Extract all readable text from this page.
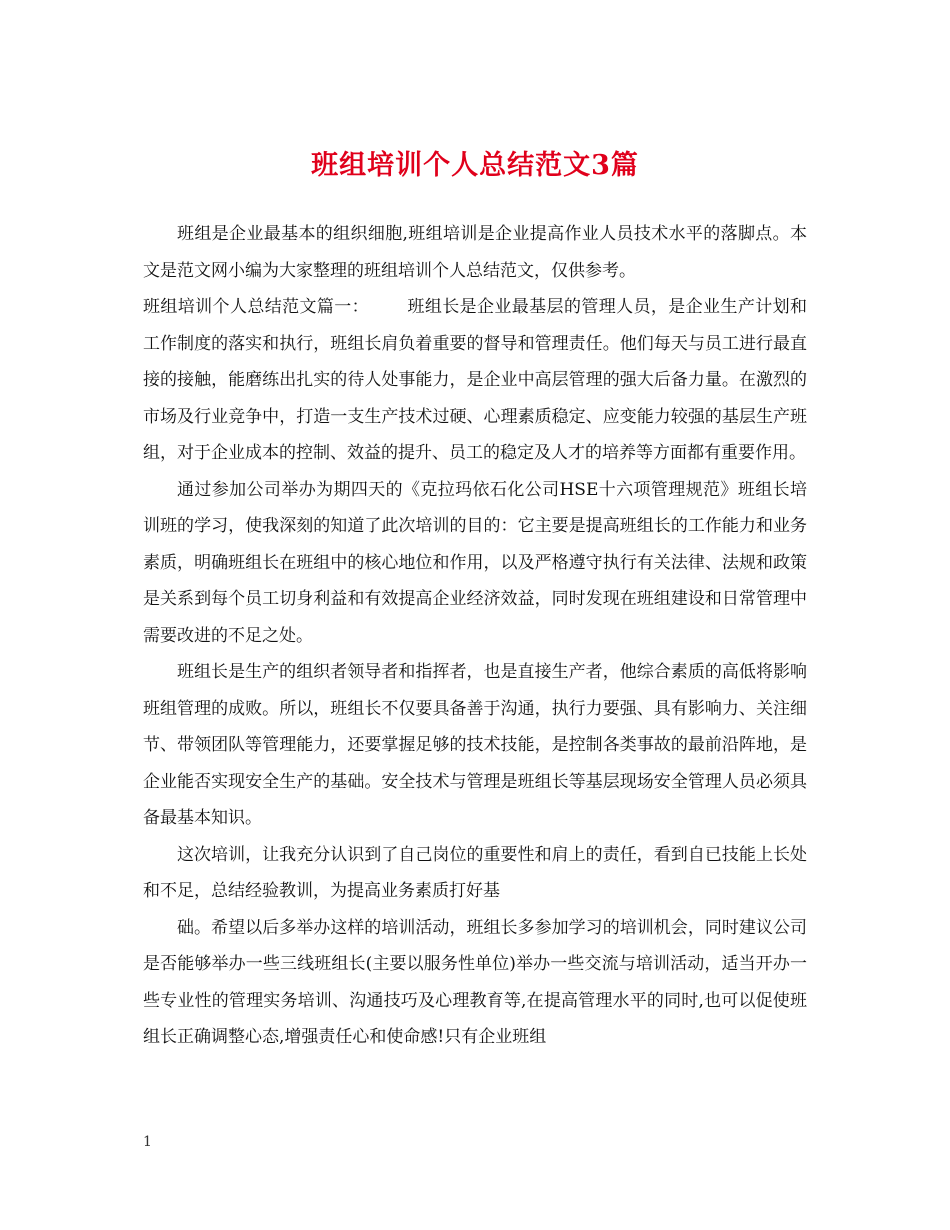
班组培训个人总结范文3篇

班组是企业最基本的组织细胞,班组培训是企业提高作业人员技术水平的落脚点。本文是范文网小编为大家整理的班组培训个人总结范文，仅供参考。

班组培训个人总结范文篇一： 班组长是企业最基层的管理人员，是企业生产计划和工作制度的落实和执行，班组长肩负着重要的督导和管理责任。他们每天与员工进行最直接的接触，能磨练出扎实的待人处事能力，是企业中高层管理的强大后备力量。在激烈的市场及行业竞争中，打造一支生产技术过硬、心理素质稳定、应变能力较强的基层生产班组，对于企业成本的控制、效益的提升、员工的稳定及人才的培养等方面都有重要作用。

通过参加公司举办为期四天的《克拉玛依石化公司HSE十六项管理规范》班组长培训班的学习，使我深刻的知道了此次培训的目的：它主要是提高班组长的工作能力和业务素质，明确班组长在班组中的核心地位和作用，以及严格遵守执行有关法律、法规和政策是关系到每个员工切身利益和有效提高企业经济效益，同时发现在班组建设和日常管理中需要改进的不足之处。

班组长是生产的组织者领导者和指挥者，也是直接生产者，他综合素质的高低将影响班组管理的成败。所以，班组长不仅要具备善于沟通，执行力要强、具有影响力、关注细节、带领团队等管理能力，还要掌握足够的技术技能，是控制各类事故的最前沿阵地，是企业能否实现安全生产的基础。安全技术与管理是班组长等基层现场安全管理人员必须具备最基本知识。

这次培训，让我充分认识到了自己岗位的重要性和肩上的责任，看到自已技能上长处和不足，总结经验教训，为提高业务素质打好基

础。希望以后多举办这样的培训活动，班组长多参加学习的培训机会，同时建议公司是否能够举办一些三线班组长(主要以服务性单位)举办一些交流与培训活动，适当开办一些专业性的管理实务培训、沟通技巧及心理教育等,在提高管理水平的同时,也可以促使班组长正确调整心态,增强责任心和使命感!只有企业班组

1
